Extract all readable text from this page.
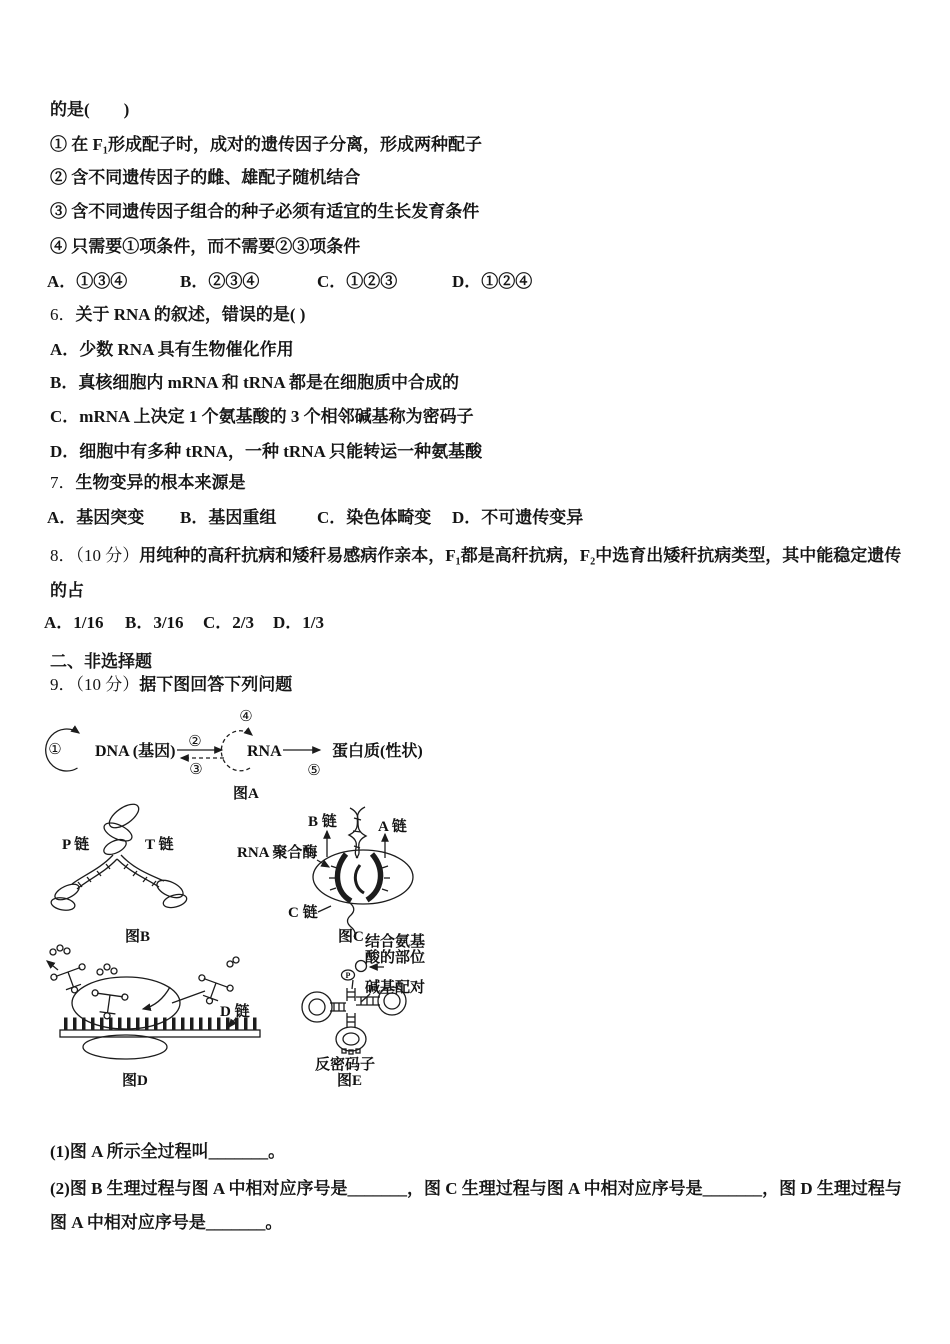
的是(　　)
① 在 F₁形成配子时，成对的遗传因子分离，形成两种配子
② 含不同遗传因子的雌、雄配子随机结合
③ 含不同遗传因子组合的种子必须有适宜的生长发育条件
④ 只需要①项条件，而不需要②③项条件
A．①③④	B．②③④	C．①②③	D．①②④
6．关于 RNA 的叙述，错误的是( )
A．少数 RNA 具有生物催化作用
B．真核细胞内 mRNA 和 tRNA 都是在细胞质中合成的
C．mRNA 上决定 1 个氨基酸的 3 个相邻碱基称为密码子
D．细胞中有多种 tRNA，一种 tRNA 只能转运一种氨基酸
7．生物变异的根本来源是
A．基因突变 B．基因重组 C．染色体畸变 D．不可遗传变异
8．（10 分）用纯种的高秆抗病和矮秆易感病作亲本，F₁都是高秆抗病，F₂中选育出矮秆抗病类型，其中能稳定遗传
的占
A．1/16 B．3/16 C．2/3 D．1/3
二、非选择题
9．（10 分）据下图回答下列问题
① DNA (基因)
②
③
④
RNA
⑤
蛋白质(性状)
图A
P 链	T 链
图B
B 链	A 链
RNA 聚合酶
C 链
图C
D 链
图D
结合氨基
酸的部位
P
碱基配对
反密码子
图E
(1)图 A 所示全过程叫_______。
(2)图 B 生理过程与图 A 中相对应序号是_______，图 C 生理过程与图 A 中相对应序号是_______，图 D 生理过程与
图 A 中相对应序号是_______。
